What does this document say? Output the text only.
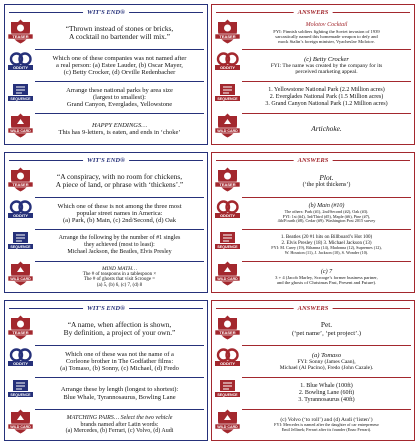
WIT'S END®
TEASER
ODDITY
SEQUENCE
WILD CARD
“Thrown instead of stones or bricks,
A cocktail no bartender will mix.”
Which one of these companies was not named after
a real person: (a) Estee Lauder, (b) Oscar Mayer,
(c) Betty Crocker, (d) Orville Redenbacher
Arrange these national parks by area size
(largest to smallest):
Grand Canyon, Everglades, Yellowstone
HAPPY ENDINGS…
This has 9-letters, is eaten, and ends in ‘choke’
ANSWERS
TEASER
ODDITY
SEQUENCE
WILD CARD
Molotov Cocktail
FYI: Finnish soldiers fighting the Soviet invasion of 1939
sarcastically named this homemade weapon to defy and
mock Stalin’s foreign minister, Vyacheslav Molotov.
(c) Betty Crocker
FYI: The name was created by the company for its
perceived marketing appeal.
1. Yellowstone National Park (2.2 Million acres)
2. Everglades National Park (1.5 Million acres)
3. Grand Canyon National Park (1.2 Million acres)
Artichoke.
WIT'S END®
TEASER
ODDITY
SEQUENCE
WILD CARD
“A conspiracy, with no room for chickens,
A piece of land, or phrase with ‘thickens’.”
Which one of these is not among the three most
popular street names in America:
(a) Park, (b) Main, (c) 2nd/Second, (d) Oak
Arrange the following by the number of #1 singles
they achieved (most to least):
Michael Jackson, the Beatles, Elvis Presley
MIND MATH…
The # of teaspoons in a tablespoon ×
The # of ghosts that visit Scrooge =
(a) 5, (b) 6, (c) 7, (d) 8
ANSWERS
TEASER
ODDITY
SEQUENCE
WILD CARD
Plot.
(‘the plot thickens’)
(b) Main (#10)
The others: Park (#1), 2nd/Second (#2), Oak (#3).
FYI: 1st (#4), 3rd/Third (#5), Maple (#6), Pine (#7),
4th/Fourth (#8), Cedar (#9). Washington Post 2015 survey
1. Beatles (20 #1 hits on Billboard’s Hot 100)
2. Elvis Presley (18) 3. Michael Jackson (13)
FYI: M. Carey (19), Rihanna (14), Madonna (12), Supremes (12),
W. Houston (11), J. Jackson (10), S. Wonder (10).
(c) 7
3 + 4 (Jacob Marley, Scrooge’s former business partner,
and the ghosts of Christmas Past, Present and Future).
WIT'S END®
TEASER
ODDITY
SEQUENCE
WILD CARD
“A name, when affection is shown,
By definition, a project of your own.”
Which one of these was not the name of a
Corleone brother in The Godfather films:
(a) Tomaso, (b) Sonny, (c) Michael, (d) Fredo
Arrange these by length (longest to shortest):
Blue Whale, Tyrannosaurus, Bowling Lane
MATCHING PAIRS… Select the two vehicle
brands named after Latin words:
(a) Mercedes, (b) Ferrari, (c) Volvo, (d) Audi
ANSWERS
TEASER
ODDITY
SEQUENCE
WILD CARD
Pet.
(‘pet name’, ‘pet project’.)
(a) Tomaso
FYI: Sonny (James Caan),
Michael (Al Pacino), Fredo (John Cazale).
1. Blue Whale (100ft)
2. Bowling Lane (60ft)
3. Tyrannosaurus (40ft)
(c) Volvo (‘to roll’) and (d) Audi (‘listen’)
FYI: Mercedes is named after the daughter of car entrepreneur
Emil Jellinek; Ferrari after its founder (Enzo Ferrari).
